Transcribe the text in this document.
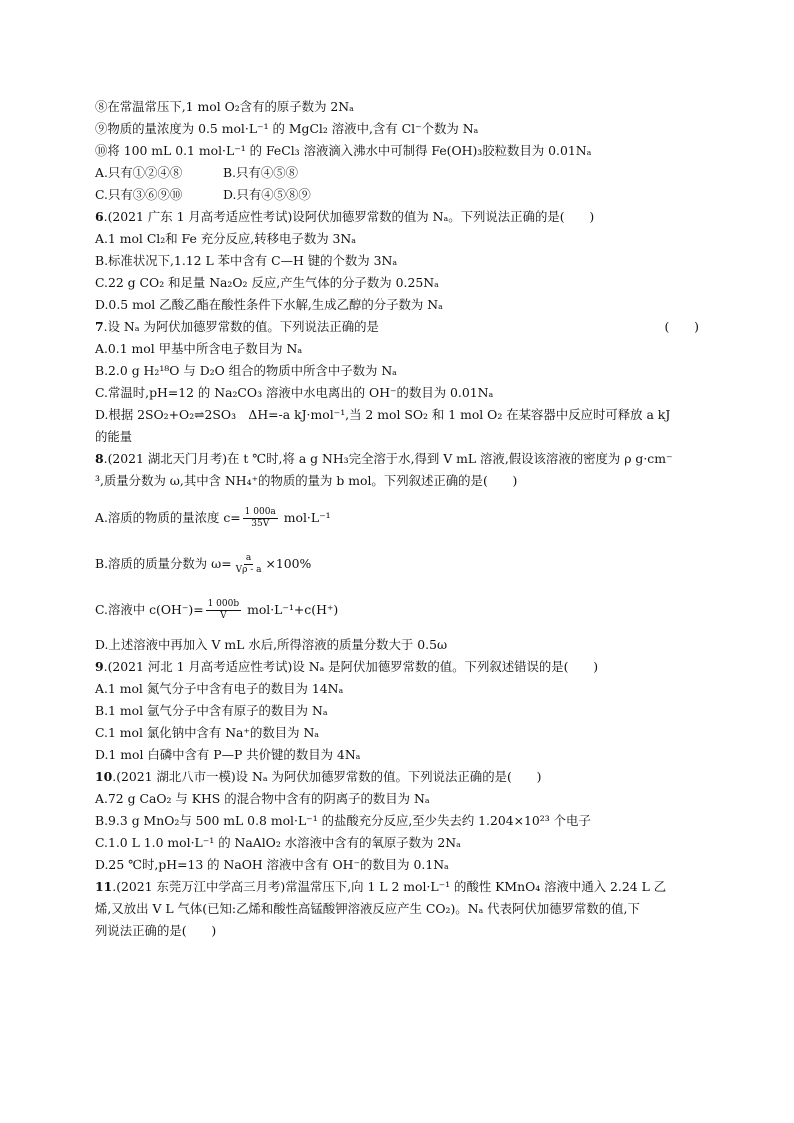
⑧在常温常压下,1 mol O₂含有的原子数为 2Nₐ
⑨物质的量浓度为 0.5 mol·L⁻¹ 的 MgCl₂ 溶液中,含有 Cl⁻个数为 Nₐ
⑩将 100 mL 0.1 mol·L⁻¹ 的 FeCl₃ 溶液滴入沸水中可制得 Fe(OH)₃胶粒数目为 0.01Nₐ
A.只有①②④⑧	B.只有④⑤⑧
C.只有③⑥⑨⑩	D.只有④⑤⑧⑨
6.(2021 广东 1 月高考适应性考试)设阿伏加德罗常数的值为 Nₐ。下列说法正确的是(　　)
A.1 mol Cl₂和 Fe 充分反应,转移电子数为 3Nₐ
B.标准状况下,1.12 L 苯中含有 C—H 键的个数为 3Nₐ
C.22 g CO₂ 和足量 Na₂O₂ 反应,产生气体的分子数为 0.25Nₐ
D.0.5 mol 乙酸乙酯在酸性条件下水解,生成乙醇的分子数为 Nₐ
7.设 Nₐ 为阿伏加德罗常数的值。下列说法正确的是	(　　)
A.0.1 mol 甲基中所含电子数目为 Nₐ
B.2.0 g H₂¹⁸O 与 D₂O 组合的物质中所含中子数为 Nₐ
C.常温时,pH=12 的 Na₂CO₃ 溶液中水电离出的 OH⁻的数目为 0.01Nₐ
D.根据 2SO₂+O₂⇌2SO₃　ΔH=-a kJ·mol⁻¹,当 2 mol SO₂ 和 1 mol O₂ 在某容器中反应时可释放 a kJ
的能量
8.(2021 湖北天门月考)在 t ℃时,将 a g NH₃完全溶于水,得到 V mL 溶液,假设该溶液的密度为 ρ g·cm⁻
³,质量分数为 ω,其中含 NH₄⁺的物质的量为 b mol。下列叙述正确的是(　　)
A.溶质的物质的量浓度 $c= \frac{1 000a}{35V} mol\cdot L^{-1}$
B.溶质的质量分数为 $\omega= \frac{a}{V\rho - a} \times 100\%$
C.溶液中 $c(OH^-)= \frac{1 000b}{V} mol\cdot L^{-1}+c(H^+)$
D.上述溶液中再加入 V mL 水后,所得溶液的质量分数大于 0.5ω
9.(2021 河北 1 月高考适应性考试)设 Nₐ 是阿伏加德罗常数的值。下列叙述错误的是(　　)
A.1 mol 氮气分子中含有电子的数目为 14Nₐ
B.1 mol 氩气分子中含有原子的数目为 Nₐ
C.1 mol 氯化钠中含有 Na⁺的数目为 Nₐ
D.1 mol 白磷中含有 P—P 共价键的数目为 4Nₐ
10.(2021 湖北八市一模)设 Nₐ 为阿伏加德罗常数的值。下列说法正确的是(　　)
A.72 g CaO₂ 与 KHS 的混合物中含有的阴离子的数目为 Nₐ
B.9.3 g MnO₂与 500 mL 0.8 mol·L⁻¹ 的盐酸充分反应,至少失去约 1.204×10²³ 个电子
C.1.0 L 1.0 mol·L⁻¹ 的 NaAlO₂ 水溶液中含有的氧原子数为 2Nₐ
D.25 ℃时,pH=13 的 NaOH 溶液中含有 OH⁻的数目为 0.1Nₐ
11.(2021 东莞万江中学高三月考)常温常压下,向 1 L 2 mol·L⁻¹ 的酸性 KMnO₄ 溶液中通入 2.24 L 乙
烯,又放出 V L 气体(已知:乙烯和酸性高锰酸钾溶液反应产生 CO₂)。Nₐ 代表阿伏加德罗常数的值,下
列说法正确的是(　　)
